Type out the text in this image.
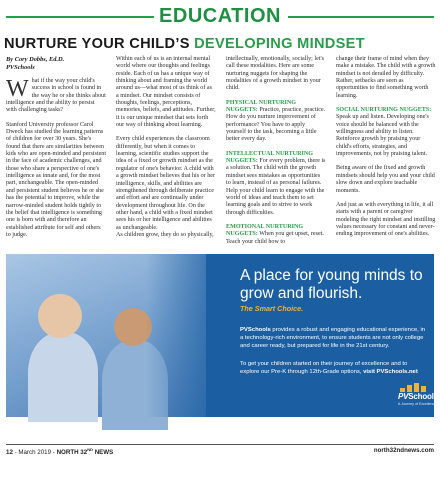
EDUCATION
NURTURE YOUR CHILD’S DEVELOPING MINDSET

By Cory Dobbs, Ed.D.

PVSchools

What if the way your child's success in school is found in the way he or she thinks about intelligence and the ability to persist with challenging tasks?

Stanford University professor Carol Dweck has studied the learning patterns of children for over 30 years. She's found that there are similarities between kids who are open-minded and persistent in the face of academic challenges, and those who share a perspective of one's intelligence as innate and, for the most part, unchangeable. The open-minded and persistent student believes he or she has the potential to improve, while the narrow-minded student holds tightly to the belief that intelligence is something one is born with and therefore an established attribute for self and others to judge.

Within each of us is an internal mental world where our thoughts and feelings reside. Each of us has a unique way of thinking about and framing the world around us—what most of us think of as a mindset. Our mindset consists of thoughts, feelings, perceptions, memories, beliefs, and attitudes. Further, it is our unique mindset that sets forth our way of thinking about learning.

Every child experiences the classroom differently, but when it comes to learning, scientific studies support the idea of a fixed or growth mindset as the regulator of one's behavior. A child with a growth mindset believes that his or her intelligence, skills, and abilities are strengthened through deliberate practice and effort and are continually under development throughout life. On the other hand, a child with a fixed mindset sees his or her intelligence and abilities as unchangeable.

As children grow, they do so physically,

intellectually, emotionally, socially; let's call these modalities. Here are some nurturing nuggets for shaping the modalities of a growth mindset in your child.

PHYSICAL NURTURING NUGGETS: Practice, practice, practice. How do you nurture improvement of performance? You have to apply yourself to the task, becoming a little better every day.

INTELLECTUAL NURTURING NUGGETS: For every problem, there is a solution. The child with the growth mindset sees mistakes as opportunities to learn, instead of as personal failures. Help your child learn to engage with the world of ideas and teach them to set learning goals and to strive to work through difficulties.

EMOTIONAL NURTURING NUGGETS: When you get upset, reset. Teach your child how to

change their frame of mind when they make a mistake. The child with a growth mindset is not derailed by difficulty. Rather, setbacks are seen as opportunities to find something worth learning.

SOCIAL NURTURING NUGGETS: Speak up and listen. Developing one's voice should be balanced with the willingness and ability to listen. Reinforce growth by praising your child's efforts, strategies, and improvements, not by praising talent.

Being aware of the fixed and growth mindsets should help you and your child slow down and explore teachable moments.

And just as with everything in life, it all starts with a parent or caregiver modeling the right mindset and instilling values necessary for constant and never-ending improvement of one's abilities.

A place for young minds to grow and flourish.
The Smart Choice.
PVSchools provides a robust and engaging educational experience, in a technology-rich environment, to ensure students are not only college and career ready, but prepared for life in the 21st century.
To get your children started on their journey of excellence and to explore our Pre-K through 12th-Grade options, visit PVSchools.net
PVSchools
A Journey of Excellence
12 - March 2019 - NORTH 32ND NEWS	north32ndnews.com
